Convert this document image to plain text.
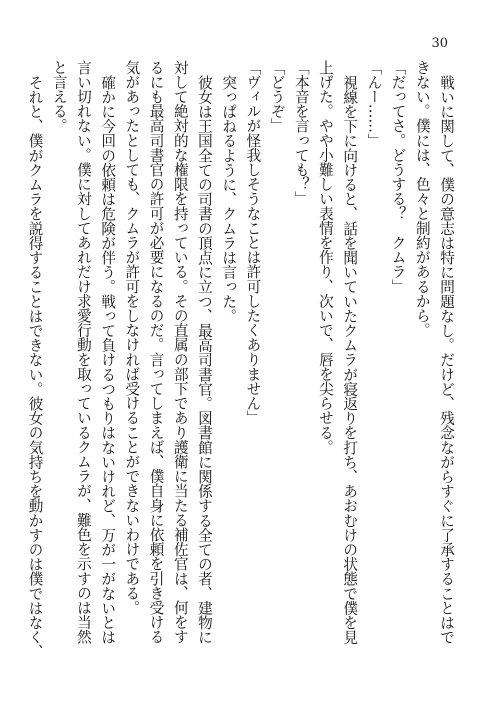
30

戦いに関して、僕の意志は特に問題なし。だけど、残念ながらすぐに了承することはで

きない。僕には、色々と制約があるから。

「だってさ。どうする？　クムラ」

「んー……」

視線を下に向けると、話を聞いていたクムラが寝返りを打ち、あおむけの状態で僕を見

上げた。やや小難しい表情を作り、次いで、唇を尖らせる。

「本音を言っても？」

「どうぞ」

「ヴィルが怪我しそうなことは許可したくありません」

突っぱねるように、クムラは言った。

彼女は王国全ての司書の頂点に立つ、最高司書官。図書館に関係する全ての者、建物に

対して絶対的な権限を持っている。その直属の部下であり護衛に当たる補佐官は、何をす

るにも最高司書官の許可が必要になるのだ。言ってしまえば、僕自身に依頼を引き受ける

気があったとしても、クムラが許可をしなければ受けることができないわけである。

確かに今回の依頼は危険が伴う。戦って負けるつもりはないけれど、万が一がないとは

言い切れない。僕に対してあれだけ求愛行動を取っているクムラが、難色を示すのは当然

と言える。

それと、僕がクムラを説得することはできない。彼女の気持ちを動かすのは僕ではなく、
